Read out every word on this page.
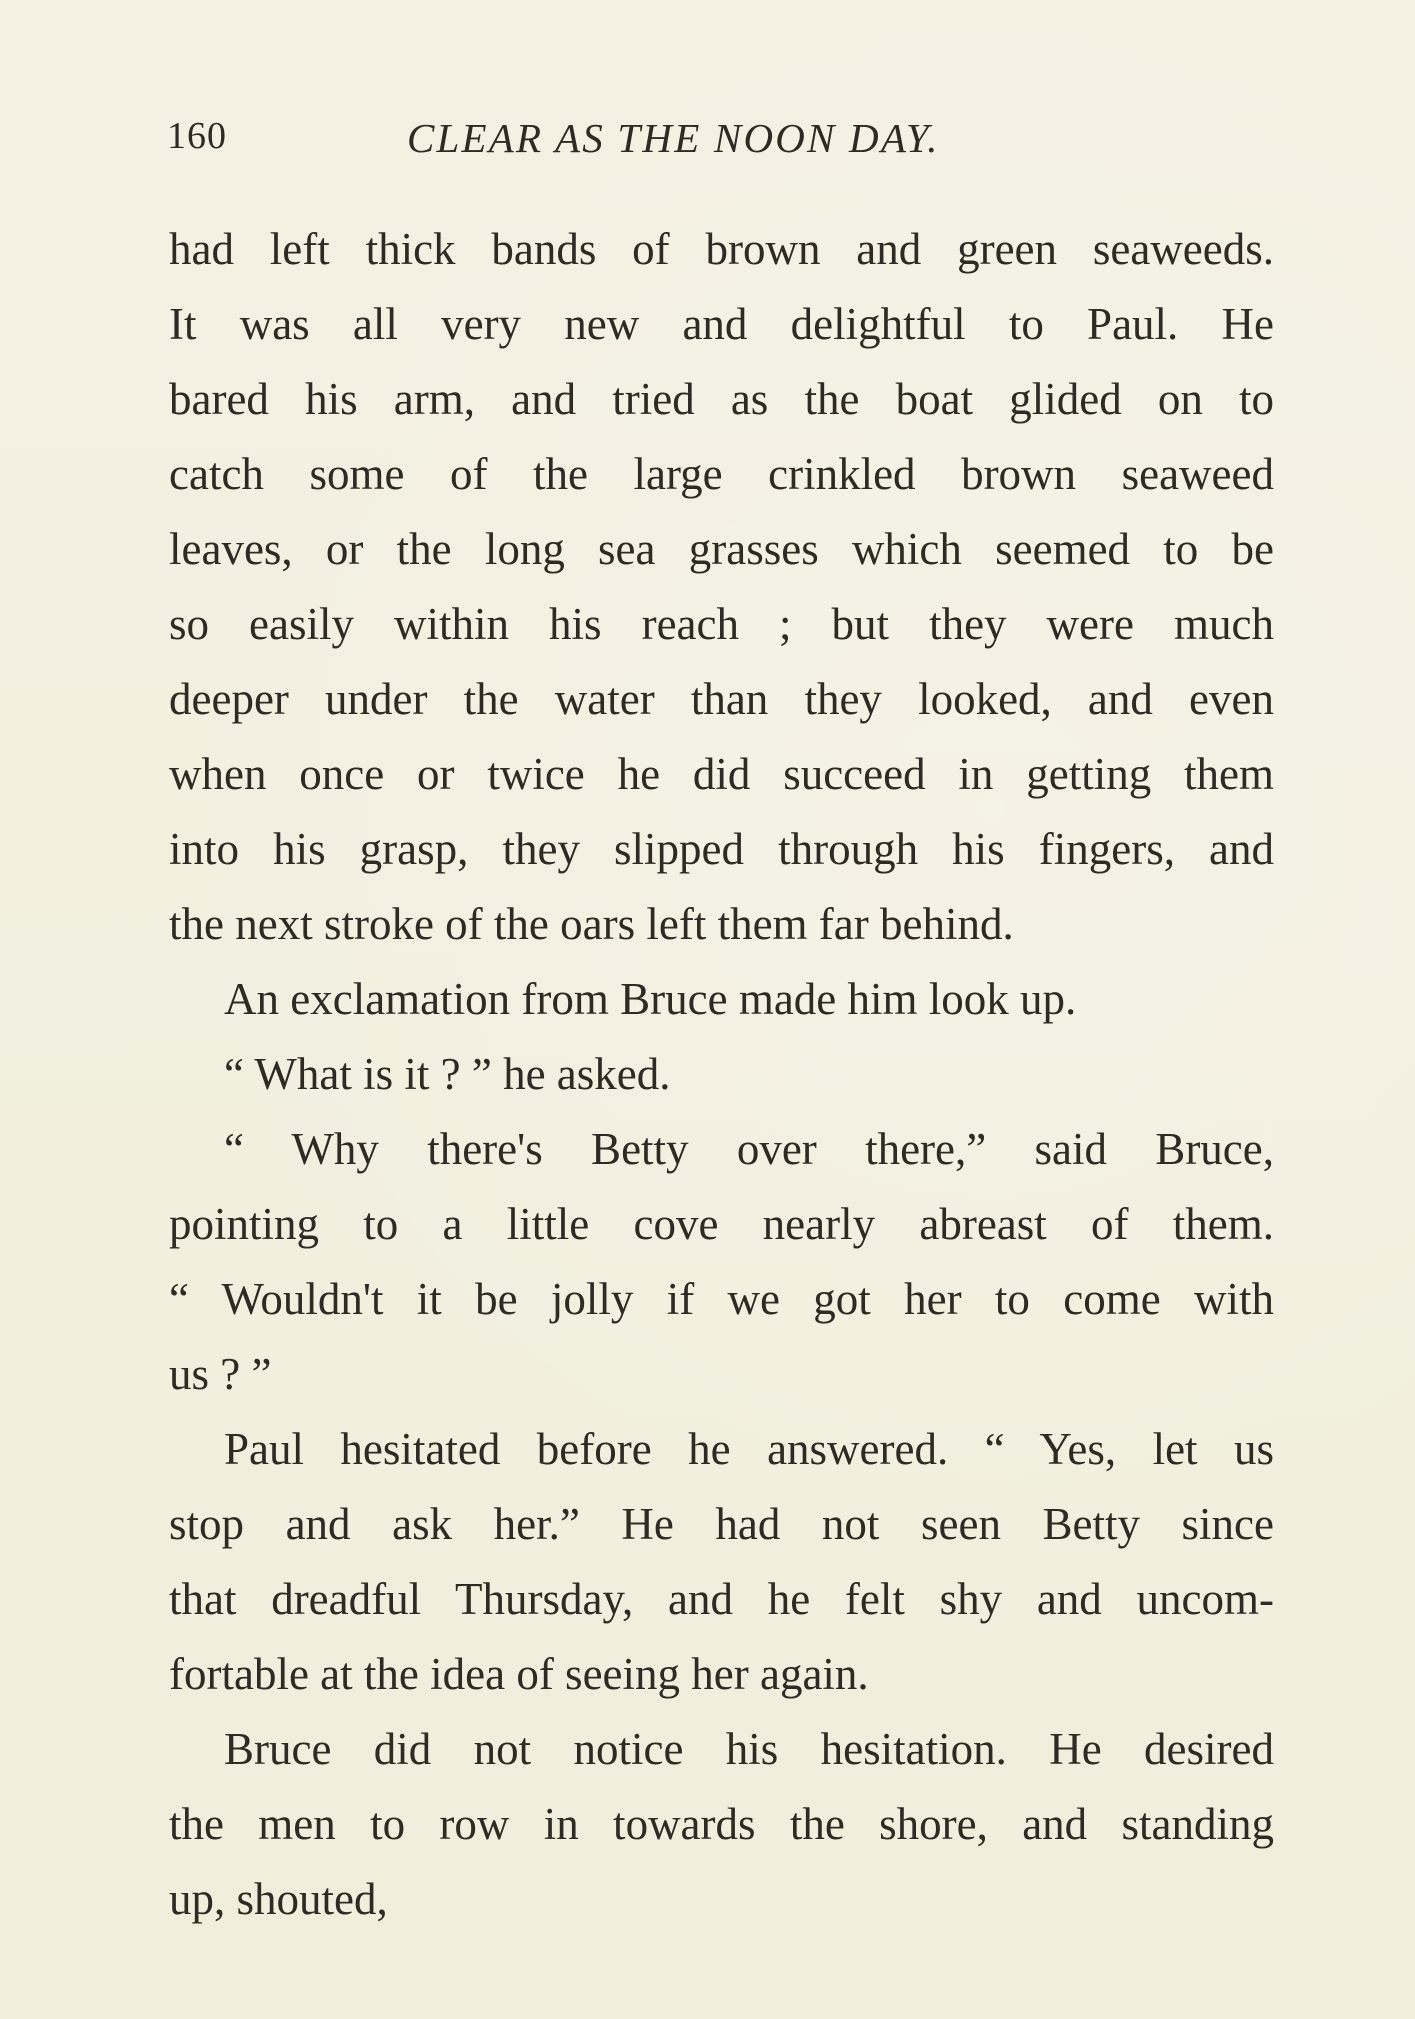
160	CLEAR AS THE NOON DAY.
had left thick bands of brown and green seaweeds.
It was all very new and delightful to Paul. He
bared his arm, and tried as the boat glided on to
catch some of the large crinkled brown seaweed
leaves, or the long sea grasses which seemed to be
so easily within his reach ; but they were much
deeper under the water than they looked, and even
when once or twice he did succeed in getting them
into his grasp, they slipped through his fingers, and
the next stroke of the oars left them far behind.
An exclamation from Bruce made him look up.
“ What is it ? ” he asked.
“ Why there's Betty over there,” said Bruce,
pointing to a little cove nearly abreast of them.
“ Wouldn't it be jolly if we got her to come with
us ? ”
Paul hesitated before he answered. “ Yes, let us
stop and ask her.” He had not seen Betty since
that dreadful Thursday, and he felt shy and uncom-
fortable at the idea of seeing her again.
Bruce did not notice his hesitation. He desired
the men to row in towards the shore, and standing
up, shouted,
